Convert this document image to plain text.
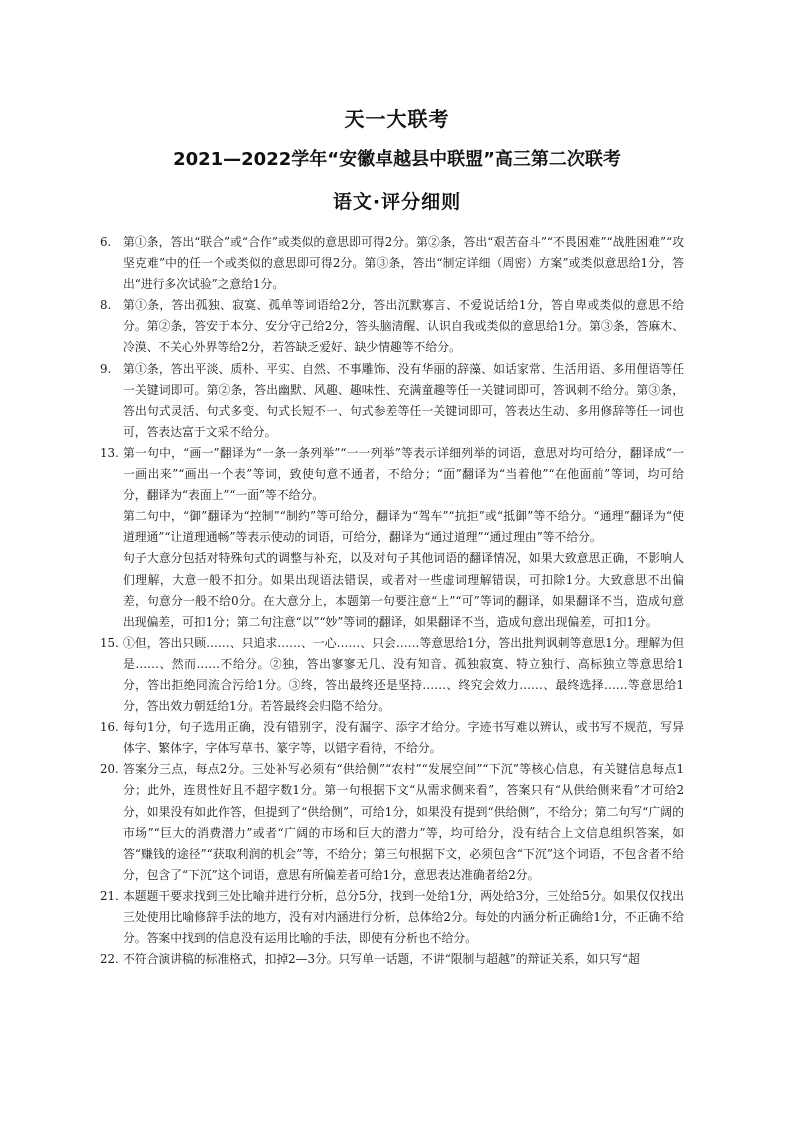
天一大联考
2021—2022学年“安徽卓越县中联盟”高三第二次联考
语文·评分细则
6. 第①条，答出“联合”或“合作”或类似的意思即可得2分。第②条，答出“艰苦奋斗”“不畏困难”“战胜困难”“攻坚克难”中的任一个或类似的意思即可得2分。第③条，答出“制定详细（周密）方案”或类似意思给1分，答出“进行多次试验”之意给1分。

8. 第①条，答出孤独、寂寞、孤单等词语给2分，答出沉默寡言、不爱说话给1分，答自卑或类似的意思不给分。第②条，答安于本分、安分守己给2分，答头脑清醒、认识自我或类似的意思给1分。第③条，答麻木、冷漠、不关心外界等给2分，若答缺乏爱好、缺少情趣等不给分。

9. 第①条，答出平淡、质朴、平实、自然、不事雕饰、没有华丽的辞藻、如话家常、生活用语、多用俚语等任一关键词即可。第②条，答出幽默、风趣、趣味性、充满童趣等任一关键词即可，答讽刺不给分。第③条，答出句式灵活、句式多变、句式长短不一、句式参差等任一关键词即可，答表达生动、多用修辞等任一词也可，答表达富于文采不给分。

13. 第一句中，“画一”翻译为“一条一条列举”“一一列举”等表示详细列举的词语，意思对均可给分，翻译成“一一画出来”“画出一个表”等词，致使句意不通者，不给分；“面”翻译为“当着他”“在他面前”等词，均可给分，翻译为“表面上”“一面”等不给分。

第二句中，“御”翻译为“控制”“制约”等可给分，翻译为“驾车”“抗拒”或“抵御”等不给分。“通理”翻译为“使道理通”“让道理通畅”等表示使动的词语，可给分，翻译为“通过道理”“通过理由”等不给分。

句子大意分包括对特殊句式的调整与补充，以及对句子其他词语的翻译情况，如果大致意思正确，不影响人们理解，大意一般不扣分。如果出现语法错误，或者对一些虚词理解错误，可扣除1分。大致意思不出偏差，句意分一般不给0分。在大意分上，本题第一句要注意“上”“可”等词的翻译，如果翻译不当，造成句意出现偏差，可扣1分；第二句注意“以”“妙”等词的翻译，如果翻译不当，造成句意出现偏差，可扣1分。

15. ①但，答出只顾……、只追求……、一心……、只会……等意思给1分，答出批判讽刺等意思1分。理解为但是……、然而……不给分。②独，答出寥寥无几、没有知音、孤独寂寞、特立独行、高标独立等意思给1分，答出拒绝同流合污给1分。③终，答出最终还是坚持……、终究会效力……、最终选择……等意思给1分，答出效力朝廷给1分。若答最终会归隐不给分。

16. 每句1分，句子选用正确，没有错别字，没有漏字、添字才给分。字迹书写难以辨认，或书写不规范，写异体字、繁体字，字体写草书、篆字等，以错字看待，不给分。

20. 答案分三点，每点2分。三处补写必须有“供给侧”“农村”“发展空间”“下沉”等核心信息，有关键信息每点1分；此外，连贯性好且不超字数1分。第一句根据下文“从需求侧来看”，答案只有“从供给侧来看”才可给2分，如果没有如此作答，但提到了“供给侧”，可给1分，如果没有提到“供给侧”，不给分；第二句写“广阔的市场”“巨大的消费潜力”或者“广阔的市场和巨大的潜力”等，均可给分，没有结合上文信息组织答案，如答“赚钱的途径”“获取利润的机会”等，不给分；第三句根据下文，必须包含“下沉”这个词语，不包含者不给分，包含了“下沉”这个词语，意思有所偏差者可给1分，意思表达准确者给2分。

21. 本题题干要求找到三处比喻并进行分析，总分5分，找到一处给1分，两处给3分，三处给5分。如果仅仅找出三处使用比喻修辞手法的地方，没有对内涵进行分析，总体给2分。每处的内涵分析正确给1分，不正确不给分。答案中找到的信息没有运用比喻的手法，即使有分析也不给分。

22. 不符合演讲稿的标准格式，扣掉2—3分。只写单一话题，不讲“限制与超越”的辩证关系，如只写“超
